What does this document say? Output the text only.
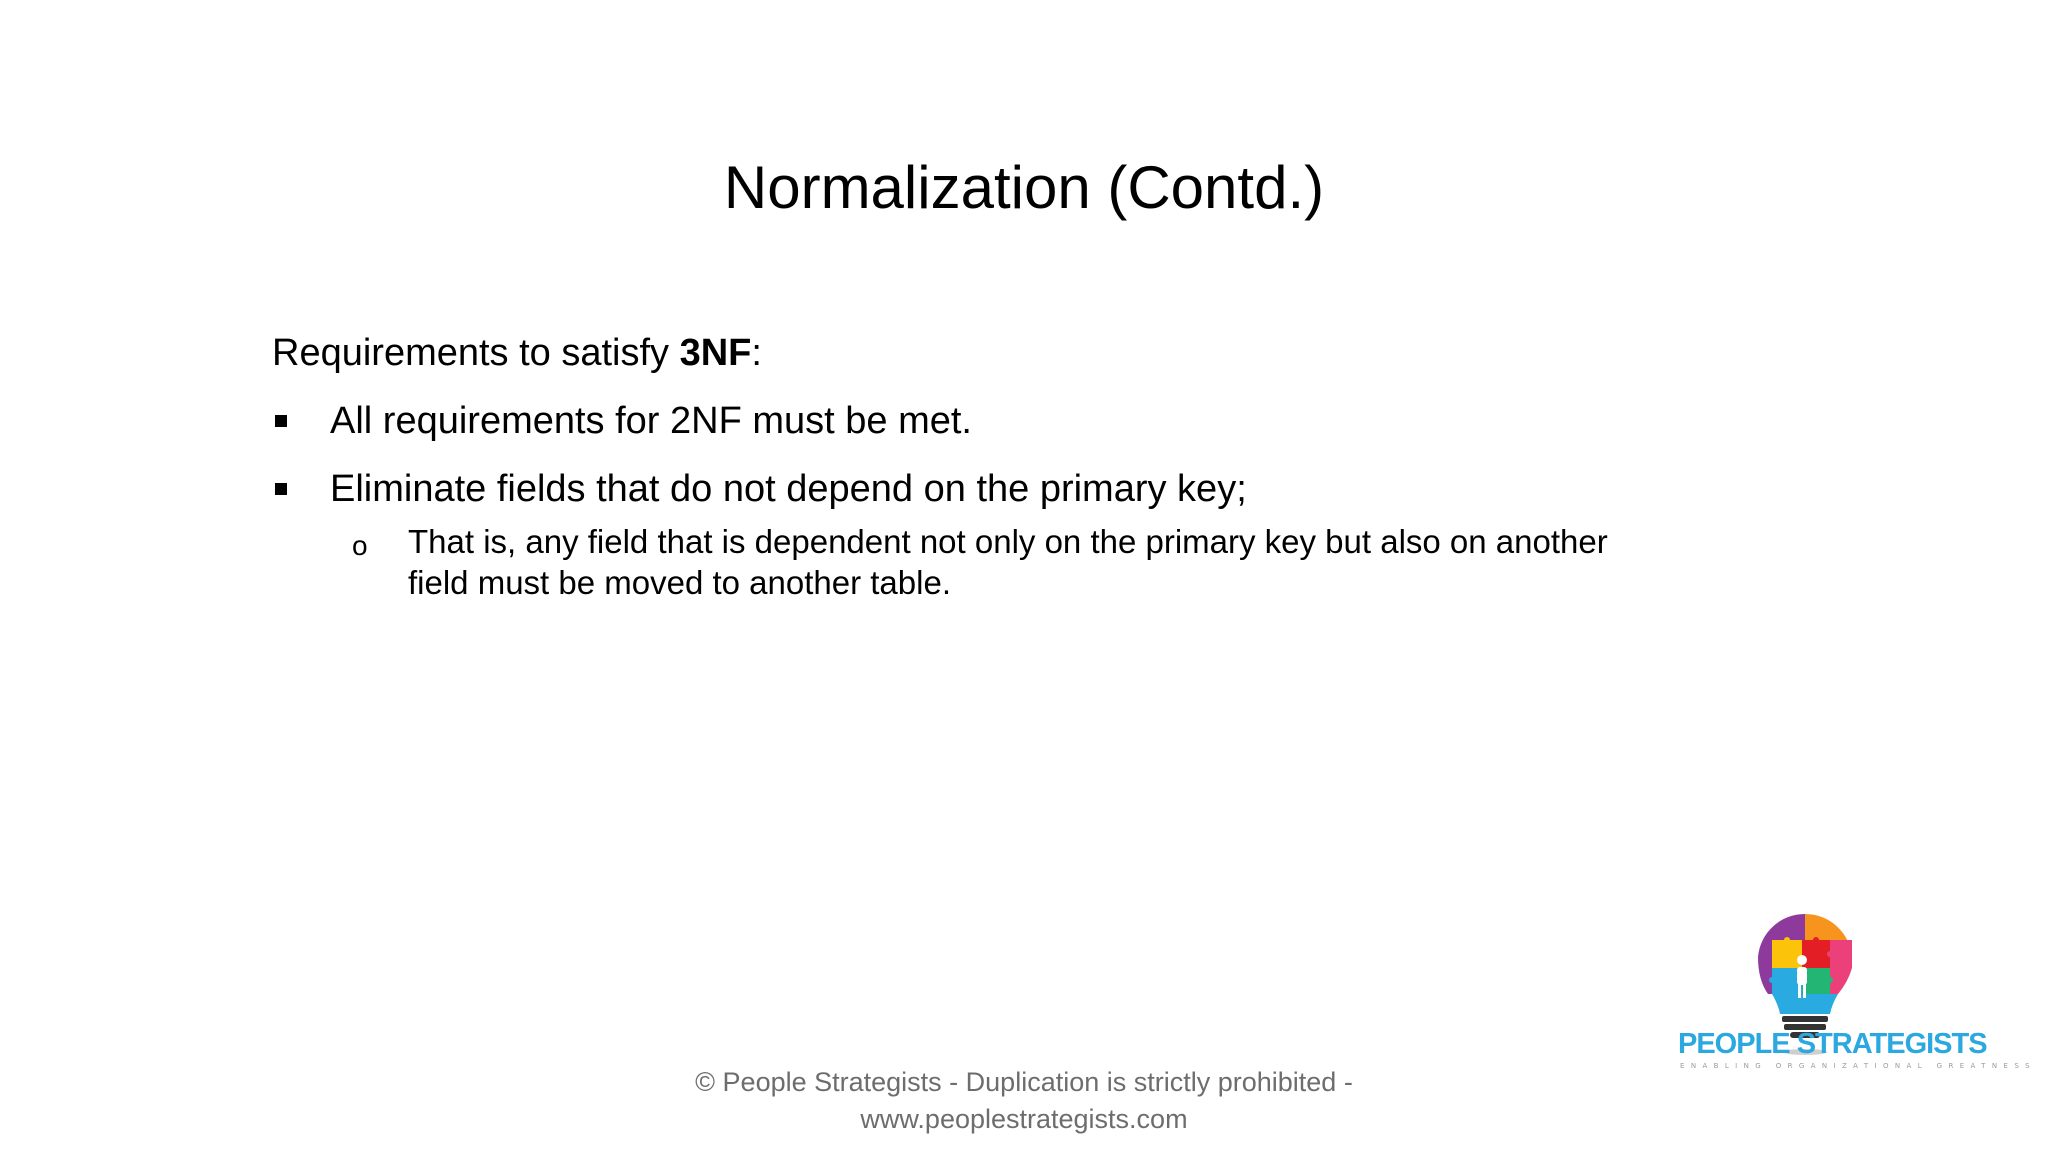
Normalization (Contd.)

Requirements to satisfy 3NF:

All requirements for 2NF must be met.
Eliminate fields that do not depend on the primary key;
o That is, any field that is dependent not only on the primary key but also on another field must be moved to another table.
© People Strategists - Duplication is strictly prohibited -
www.peoplestrategists.com
PEOPLE STRATEGISTS
ENABLING ORGANIZATIONAL GREATNESS
